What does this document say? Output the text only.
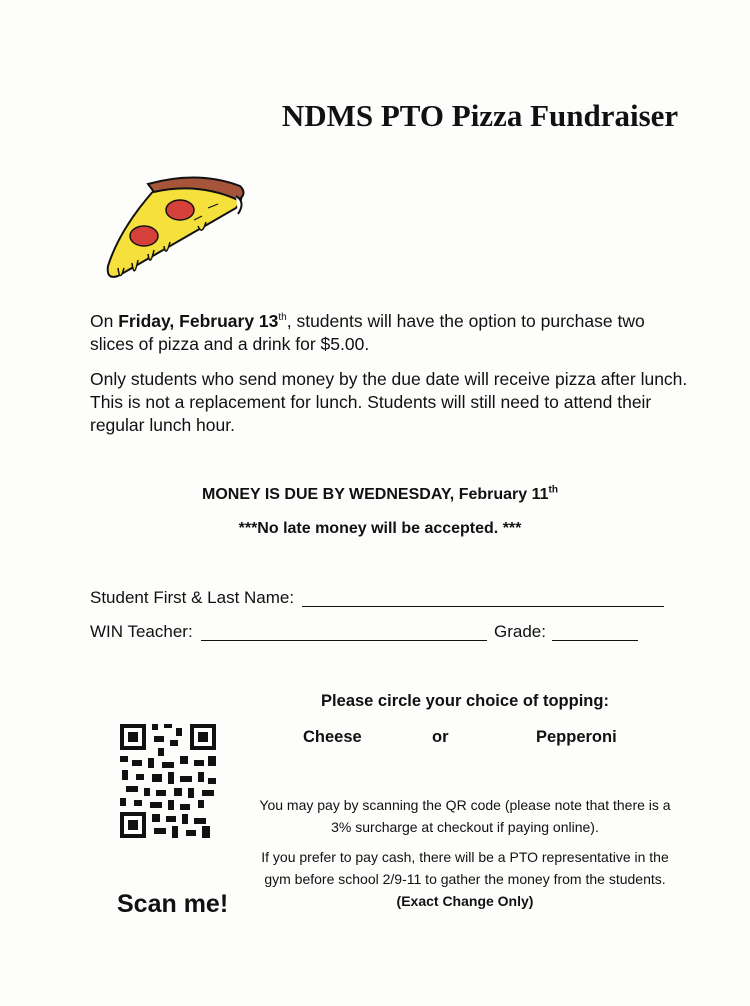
NDMS PTO Pizza Fundraiser
On Friday, February 13th, students will have the option to purchase two slices of pizza and a drink for $5.00.
Only students who send money by the due date will receive pizza after lunch. This is not a replacement for lunch. Students will still need to attend their regular lunch hour.
MONEY IS DUE BY WEDNESDAY, February 11th
***No late money will be accepted. ***
Student First & Last Name:
WIN Teacher:	Grade:
Please circle your choice of topping:
Cheese	or	Pepperoni
Scan me!
You may pay by scanning the QR code (please note that there is a 3% surcharge at checkout if paying online).
If you prefer to pay cash, there will be a PTO representative in the gym before school 2/9-11 to gather the money from the students. (Exact Change Only)
